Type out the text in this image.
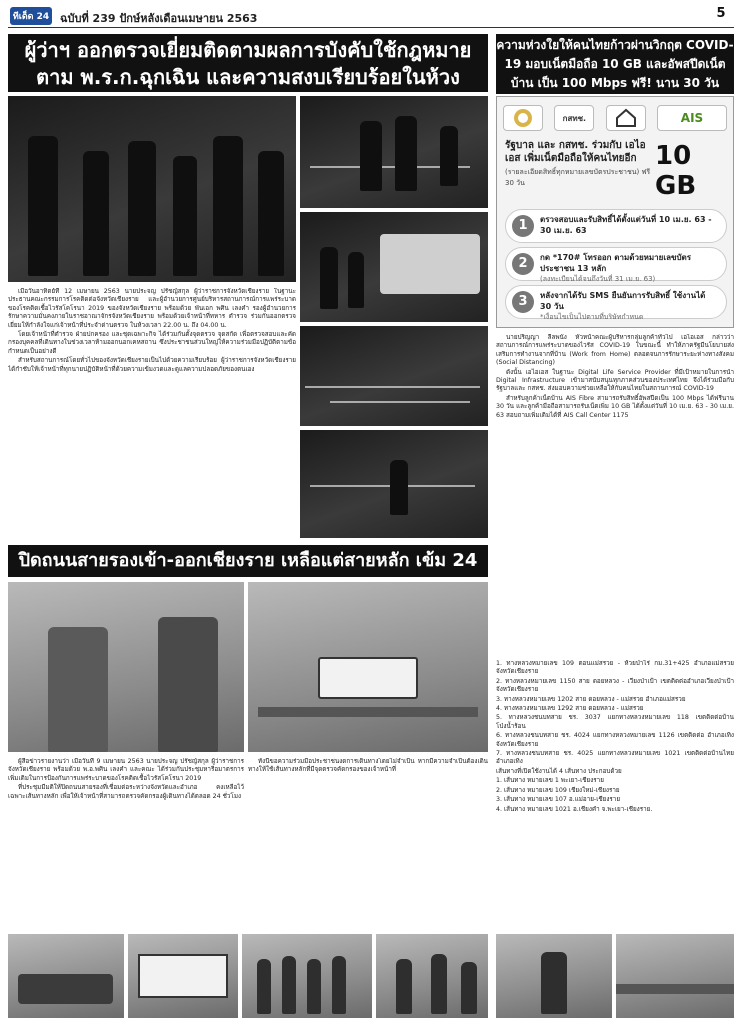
ทีเด็ด 24 ฉบับที่ 239 ปักษ์หลังเดือนเมษายน 2563	5
ผู้ว่าฯ ออกตรวจเยี่ยมติดตามผลการบังคับใช้กฎหมายตาม พ.ร.ก.ฉุกเฉิน และความสงบเรียบร้อยในห้วง ฟิ

เมื่อวันอาทิตย์ที่ 12 เมษายน 2563 นายประจญ ปรัชญ์สกุล ผู้ว่าราชการจังหวัดเชียงราย ในฐานะประธานคณะกรรมการโรคติดต่อจังหวัดเชียงราย และผู้อำนวยการศูนย์บริหารสถานการณ์การแพร่ระบาดของโรคติดเชื้อไวรัสโคโรนา 2019 ของจังหวัดเชียงราย พร้อมด้วย พันเอก พศิน เลงคำ รองผู้อำนวยการรักษาความมั่นคงภายในราชอาณาจักรจังหวัดเชียงราย พร้อมด้วยเจ้าหน้าที่ทหาร ตำรวจ ร่วมกันออกตรวจเยี่ยมให้กำลังใจแก่เจ้าหน้าที่ประจำด่านตรวจ ในห้วงเวลา 22.00 น. ถึง 04.00 น.

โดยเจ้าหน้าที่ตำรวจ ฝ่ายปกครอง และชุดเฉพาะกิจ ได้ร่วมกันตั้งจุดตรวจ จุดสกัด เพื่อตรวจสอบและคัดกรองบุคคลที่เดินทางในช่วงเวลาห้ามออกนอกเคหสถาน ซึ่งประชาชนส่วนใหญ่ให้ความร่วมมือปฏิบัติตามข้อกำหนดเป็นอย่างดี

สำหรับสถานการณ์โดยทั่วไปของจังหวัดเชียงรายเป็นไปด้วยความเรียบร้อย ผู้ว่าราชการจังหวัดเชียงรายได้กำชับให้เจ้าหน้าที่ทุกนายปฏิบัติหน้าที่ด้วยความเข้มงวดและดูแลความปลอดภัยของตนเอง

ความห่วงใยให้คนไทยก้าวผ่านวิกฤต COVID-19 มอบเน็ตมือถือ 10 GB และอัพสปีดเน็ตบ้าน เป็น 100 Mbps ฟรี! นาน 30 วัน
กสทช.	AIS
รัฐบาล และ กสทช. ร่วมกับ เอไอเอส เพิ่มเน็ตมือถือให้คนไทยอีก
(รายละเอียดสิทธิ์ทุกหมายเลขบัตรประชาชน) ฟรี 30 วัน
10 GB
1	ตรวจสอบและรับสิทธิ์ได้ตั้งแต่วันที่ 10 เม.ย. 63 - 30 เม.ย. 63
2	กด *170# โทรออก ตามด้วยหมายเลขบัตรประชาชน 13 หลัก
(ลงทะเบียนได้จนถึงวันที่ 31 เม.ย. 63)
3	หลังจากได้รับ SMS ยืนยันการรับสิทธิ์ ใช้งานได้ 30 วัน
*เงื่อนไขเป็นไปตามที่บริษัทกำหนด

นายปริญญา ลีลพนัง หัวหน้าคณะผู้บริหารกลุ่มลูกค้าทั่วไป เอไอเอส กล่าวว่า สถานการณ์การแพร่ระบาดของไวรัส COVID-19 ในขณะนี้ ทำให้ภาครัฐมีนโยบายส่งเสริมการทำงานจากที่บ้าน (Work from Home) ตลอดจนการรักษาระยะห่างทางสังคม (Social Distancing)

ดังนั้น เอไอเอส ในฐานะ Digital Life Service Provider ที่มีเป้าหมายในการนำ Digital Infrastructure เข้ามาสนับสนุนทุกภาคส่วนของประเทศไทย จึงได้ร่วมมือกับรัฐบาลและ กสทช. ส่งมอบความช่วยเหลือให้กับคนไทยในสถานการณ์ COVID-19

สำหรับลูกค้าเน็ตบ้าน AIS Fibre สามารถรับสิทธิ์อัพสปีดเป็น 100 Mbps ได้ฟรีนาน 30 วัน และลูกค้ามือถือสามารถรับเน็ตเพิ่ม 10 GB ได้ตั้งแต่วันที่ 10 เม.ย. 63 - 30 เม.ย. 63 สอบถามเพิ่มเติมได้ที่ AIS Call Center 1175

ปิดถนนสายรองเข้า-ออกเชียงราย เหลือแต่สายหลัก เข้ม 24

ผู้สื่อข่าวรายงานว่า เมื่อวันที่ 9 เมษายน 2563 นายประจญ ปรัชญ์สกุล ผู้ว่าราชการจังหวัดเชียงราย พร้อมด้วย พ.อ.พศิน เลงคำ และคณะ ได้ร่วมกันประชุมหารือมาตรการเพิ่มเติมในการป้องกันการแพร่ระบาดของโรคติดเชื้อไวรัสโคโรนา 2019

ที่ประชุมมีมติให้ปิดถนนสายรองที่เชื่อมต่อระหว่างจังหวัดและอำเภอ คงเหลือไว้เฉพาะเส้นทางหลัก เพื่อให้เจ้าหน้าที่สามารถตรวจคัดกรองผู้เดินทางได้ตลอด 24 ชั่วโมง

ทั้งนี้ขอความร่วมมือประชาชนงดการเดินทางโดยไม่จำเป็น หากมีความจำเป็นต้องเดินทางให้ใช้เส้นทางหลักที่มีจุดตรวจคัดกรองของเจ้าหน้าที่

1. ทางหลวงหมายเลข 109 ตอนแม่สรวย - ห้วยป่าไร่ กม.31+425 อำเภอแม่สรวย จังหวัดเชียงราย

2. ทางหลวงหมายเลข 1150 สาย ดอยหลวง - เวียงป่าเป้า เขตติดต่ออำเภอเวียงป่าเป้า จังหวัดเชียงราย

3. ทางหลวงหมายเลข 1202 สาย ดอยหลวง - แม่สรวย อำเภอแม่สรวย

4. ทางหลวงหมายเลข 1292 สาย ดอยหลวง - แม่สรวย

5. ทางหลวงชนบทสาย ชร. 3037 แยกทางหลวงหมายเลข 118 เขตติดต่อบ้าน โป่งน้ำร้อน

6. ทางหลวงชนบทสาย ชร. 4024 แยกทางหลวงหมายเลข 1126 เขตติดต่อ อำเภอเทิง จังหวัดเชียงราย

7. ทางหลวงชนบทสาย ชร. 4025 แยกทางหลวงหมายเลข 1021 เขตติดต่อบ้านไทย อำเภอเทิง

เส้นทางที่เปิดใช้งานได้ 4 เส้นทาง ประกอบด้วย

1. เส้นทาง หมายเลข 1 พะเยา-เชียงราย

2. เส้นทาง หมายเลข 109 เชียงใหม่-เชียงราย

3. เส้นทาง หมายเลข 107 อ.แม่อาย-เชียงราย

4. เส้นทาง หมายเลข 1021 อ.เชียงคำ จ.พะเยา-เชียงราย.
